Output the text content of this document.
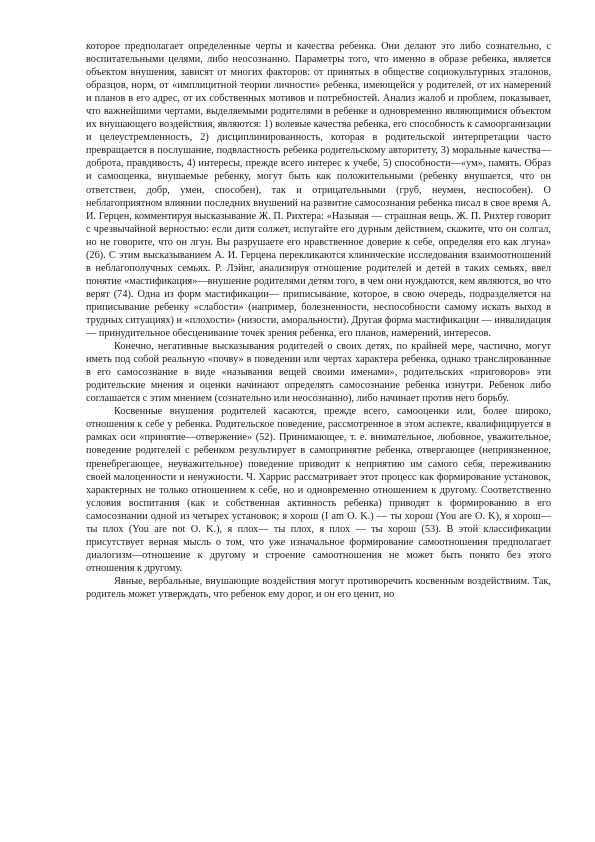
которое предполагает определенные черты и качества ребенка. Они делают это либо сознательно, с воспитательными целями, либо неосознанно. Параметры того, что именно в образе ребенка, является объектом внушения, зависят от многих факторов: от принятых в обществе социокультурных эталонов, образцов, норм, от «имплицитной теории личности» ребенка, имеющейся у родителей, от их намерений и планов в его адрес, от их собственных мотивов и потребностей. Анализ жалоб и проблем, показывает, что важнейшими чертами, выделяемыми родителями в ребенке и одновременно являющимися объектом их внушающего воздействия, являются: 1) волевые качества ребенка, его способность к самоорганизации и целеустремленность, 2) дисциплинированность, которая в родительской интерпретации часто превращается в послушание, подвластность ребенка родительскому авторитету, 3) моральные качества—доброта, правдивость, 4) интересы, прежде всего интерес к учебе, 5) способности—«ум», память. Образ и самооценка, внушаемые ребенку, могут быть как положительными (ребенку внушается, что он ответствен, добр, умен, способен), так и отрицательными (груб, неумен, неспособен). О неблагоприятном влиянии последних внушений на развитие самосознания ребенка писал в свое время А. И. Герцен, комментируя высказывание Ж. П. Рихтера: «Называя — страшная вещь. Ж. П. Рихтер говорит с чрезвычайной верностью: если дитя солжет, испугайте его дурным действием, скажите, что он солгал, но не говорите, что он лгун. Вы разрушаете его нравственное доверие к себе, определяя его как лгуна» (26). С этим высказыванием А. И. Герцена перекликаются клинические исследования взаимоотношений в неблагополучных семьях. Р. Лэйнг, анализируя отношение родителей и детей в таких семьях, ввел понятие «мастификация»—внушение родителями детям того, в чем они нуждаются, кем являются, во что верят (74). Одна из форм мастификации— приписывание, которое, в свою очередь, подразделяется на приписывание ребенку «слабости» (например, болезненности, неспособности самому искать выход в трудных ситуациях) и «плохости» (низости, аморальности). Другая форма мастификации — инвалидация — принудительное обесценивание точек зрения ребенка, его планов, намерений, интересов.

Конечно, негативные высказывания родителей о своих детях, по крайней мере, частично, могут иметь под собой реальную «почву» в поведении или чертах характера ребенка, однако транслированные в его самосознание в виде «называния вещей своими именами», родительских «приговоров» эти родительские мнения и оценки начинают определять самосознание ребенка изнутри. Ребенок либо соглашается с этим мнением (сознательно или неосознанно), либо начинает против него борьбу.

Косвенные внушения родителей касаются, прежде всего, самооценки или, более широко, отношения к себе у ребенка. Родительское поведение, рассмотренное в этом аспекте, квалифицируется в рамках оси «принятие—отвержение» (52). Принимающее, т. е. внимательное, любовное, уважительное, поведение родителей с ребенком результирует в самопринятие ребенка, отвергающее (неприязненное, пренебрегающее, неуважительное) поведение приводит к неприятию им самого себя, переживанию своей малоценности и ненужности. Ч. Харрис рассматривает этот процесс как формирование установок, характерных не только отношением к себе, но и одновременно отношением к другому. Соответственно условия воспитания (как и собственная активность ребенка) приводят к формированию в его самосознании одной из четырех установок; я хорош (I am O. K.) — ты хорош (You are O. K), я хорош—ты плох (You are not O. K.), я плох— ты плох, я плох — ты хорош (53). В этой классификации присутствует верная мысль о том, что уже изначальное формирование самоотношения предполагает диалогизм—отношение к другому и строение самоотношения не может быть понято без этого отношения к другому.

Явные, вербальные, внушающие воздействия могут противоречить косвенным воздействиям. Так, родитель может утверждать, что ребенок ему дорог, и он его ценит, но
